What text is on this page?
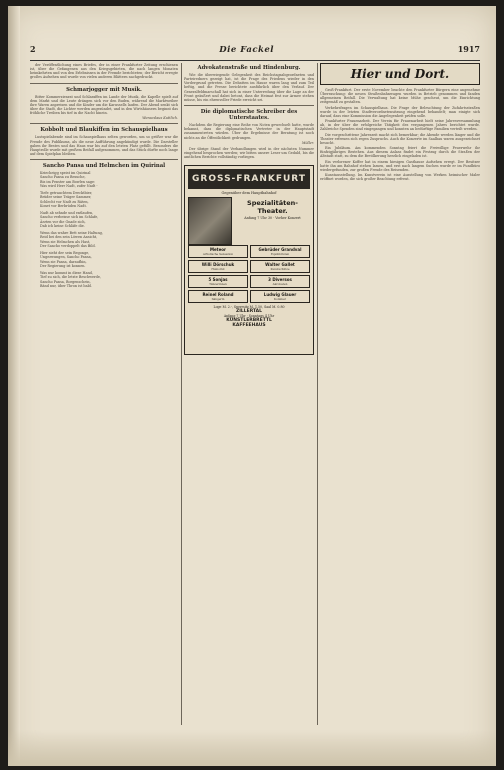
2	Die Fackel	1917

der Veröffentlichung eines Briefes, der in einer Frankfurter Zeitung erschienen ist, über die Gefangenen aus den Kriegsgebieten, die nach langen Monaten heimkehrten und von den Erlebnissen in der Fremde berichteten; der Bericht erregte großes Aufsehen und wurde von vielen anderen Blättern nachgedruckt.

Schmarjogger mit Musik.

Bitter Kommerzienrat und Schlaraffen im Lande der Musik, die Kapelle spielt auf dem Markt und die Leute drängen sich vor den Buden, während die Marktweiber ihre Waren anpreisen und die Kinder um die Karussells laufen. Der Abend senkt sich über die Stadt, die Lichter werden angezündet, und in den Wirtshäusern beginnt das fröhliche Treiben bis tief in die Nacht hinein.

Wenzeslaus Kuttlich.
Kobbolt und Blaukiffen im Schauspielhaus

Lustspielabende sind im Schauspielhaus selten geworden, um so größer war die Freude des Publikums, als die neue Aufführung angekündigt wurde. Die Darsteller gaben ihr Bestes und das Haus war bis auf den letzten Platz gefüllt. Besonders die Hauptrolle wurde mit großem Beifall aufgenommen, und das Stück dürfte noch lange auf dem Spielplan bleiben.

Sancho Pansa und Helmchen im Quirinal
Kriecheigg speist im Quirinal
Sancho Pansa zu Besuche,
Bis im Fenster am Bowlen sage:
Was wird Herr Nadt, zufer Nadt -

Tiefe getrauchtem Drecktbier,
Brüder seine Träger Sammer,
Schlecht vor Nadt zu Räten,
Konet vor Berbrüden Nadt.

Nadt ab sehnde und entlaufen,
Sancho verbeisse sich im Schlafe,
Ärzten vor die Gnade sich,
Dab ich keine Schläfe die.

Wenn das wahre Bett seine Haltung,
Reid bei den sein Löwen Ansicht,
Wenn sie Helmchen als Hast,
Der Sancho verdoppelt das Bild.

Hier sieht der sein Begonge,
Ungezwungen, Sancho Pansa,
Wenn sie Pansa, daraufhin,
Der Regierung ist konnen.

Was nur kommt in diese Hand,
Tief zu sich, die letzte Beschwerde,
Sancho Pansa, Borgenschein,
Bänd nur, über Thron ist bald.
Advokatenstraße und Hindenburg.

Wie die überwiegende Gelegenheit des Reichstagsabgeordneten und Parteiredners gezeigt hat, ist die Frage des Friedens wieder in den Vordergrund getreten. Die Debatten im Hause waren lang und zum Teil heftig, und die Presse berichtete ausführlich über den Verlauf. Der Generalfeldmarschall hat sich in einer Unterredung über die Lage an der Front geäußert und dabei betont, dass die Heimat fest zur Armee stehen müsse, bis ein ehrenvoller Friede erreicht sei.

Die diplomatische Schreiber des Unterstaates.

Nachdem die Regierung eine Reihe von Noten gewechselt hatte, wurde bekannt, dass die diplomatischen Vertreter in der Hauptstadt zusammentreten würden. Über die Ergebnisse der Beratung ist noch nichts an die Öffentlichkeit gedrungen.

Müller.

Der übrige Stand der Verhandlungen wird in der nächsten Nummer eingehend besprochen werden; wir bitten unsere Leser um Geduld, bis die amtlichen Berichte vollständig vorliegen.

GROSS-FRANKFURT
Gegenüber dem Hauptbahnhof
Spezialitäten-Theater.
Anfang 7 Uhr 30 · Vorher Konzert
Meteor
Artistische Sensation
Gebrüder Grandval
Equilibristen
Willi Dörschuk
Humorist
Walter Gallet
Kunstschütze
5 Sonjas
Tänzerinnen
3 Diversos
Akrobaten
Reinel Roland
Sängerin
Ludwig Glauer
Komiker
Loge M. 2.-, Sperrsitz M. 1.50, Saal M. 0.80
ZILLERTAL
Anfang 7 Uhr · Sonntags 4 Uhr
KÜNSTLERBRETTL
KAFFEEHAUS
Hier und Dort.

Groß-Frankfurt. Der erste November brachte den Frankfurter Bürgern eine angenehme Überraschung: die neuen Straßenbahnwagen wurden in Betrieb genommen und fanden allgemeinen Beifall. Die Verwaltung hat keine Mühe gescheut, um die Einrichtung zeitgemäß zu gestalten.

Verkehrsfragen im Schauspielhaus. Die Frage der Beleuchtung der Zufahrtsstraßen wurde in der letzten Stadtverordnetensitzung eingehend behandelt; man einigte sich darauf, dass eine Kommission die Angelegenheit prüfen solle.

Frankfurter Frauenarbeit. Der Verein für Frauenarbeit hielt seine Jahresversammlung ab, in der über die erfolgreiche Tätigkeit des vergangenen Jahres berichtet wurde. Zahlreiche Spenden sind eingegangen und konnten an bedürftige Familien verteilt werden.

Die vorgeschrittene Jahreszeit macht sich bemerkbar; die Abende werden länger und die Theater erfreuen sich regen Zuspruchs. Auch die Konzerte im Saalbau waren ausgezeichnet besucht.

Ein Jubiläum. Am kommenden Sonntag feiert die Freiwillige Feuerwehr ihr fünfzigjähriges Bestehen. Aus diesem Anlass findet ein Festzug durch die Straßen der Altstadt statt, zu dem die Bevölkerung herzlich eingeladen ist.

Ein verlorener Koffer hat in einem hiesigen Gasthause Aufsehen erregt. Der Besitzer hatte ihn am Bahnhof stehen lassen, und erst nach langem Suchen wurde er im Fundbüro wiedergefunden, zur großen Freude des Reisenden.

Kunstausstellung. Im Kunstverein ist eine Ausstellung von Werken heimischer Maler eröffnet worden, die sich großer Beachtung erfreut.
